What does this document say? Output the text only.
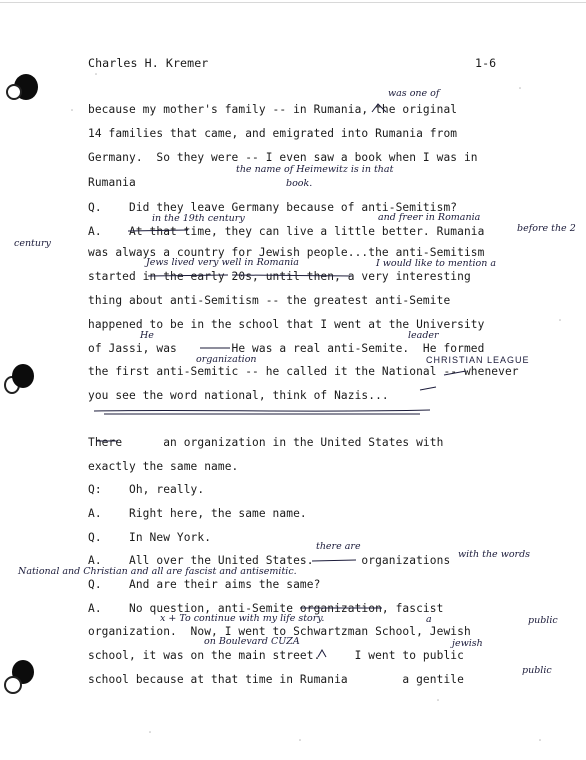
Charles H. Kremer	1-6
because my mother's family -- in Rumania, the original
14 families that came, and emigrated into Rumania from
Germany.  So they were -- I even saw a book when I was in
Rumania
Q.    Did they leave Germany because of anti-Semitism?
A.    At that time, they can live a little better. Rumania
was always a country for Jewish people...the anti-Semitism
started in the early 20s, until then, a very interesting
thing about anti-Semitism -- the greatest anti-Semite
happened to be in the school that I went at the University
of Jassi, was        He was a real anti-Semite.  He formed
the first anti-Semitic -- he called it the National -- whenever
you see the word national, think of Nazis...
There      an organization in the United States with
exactly the same name.
Q:    Oh, really.
A.    Right here, the same name.
Q.    In New York.
A.    All over the United States.       organizations
Q.    And are their aims the same?
A.    No question, anti-Semite organization, fascist
organization.  Now, I went to Schwartzman School, Jewish
school, it was on the main street.     I went to public
school because at that time in Rumania        a gentile
was one of
the name of Heimewitz is in that
book.
in the 19th century	and freer in Romania
before the 2
century
Jews lived very well in Romania	I would like to mention a
He	leader
organization	CHRISTIAN LEAGUE
there are
with the words
National and Christian and all are fascist and antisemitic.
x + To continue with my life story.	a	public
on Boulevard CUZA	jewish
public
